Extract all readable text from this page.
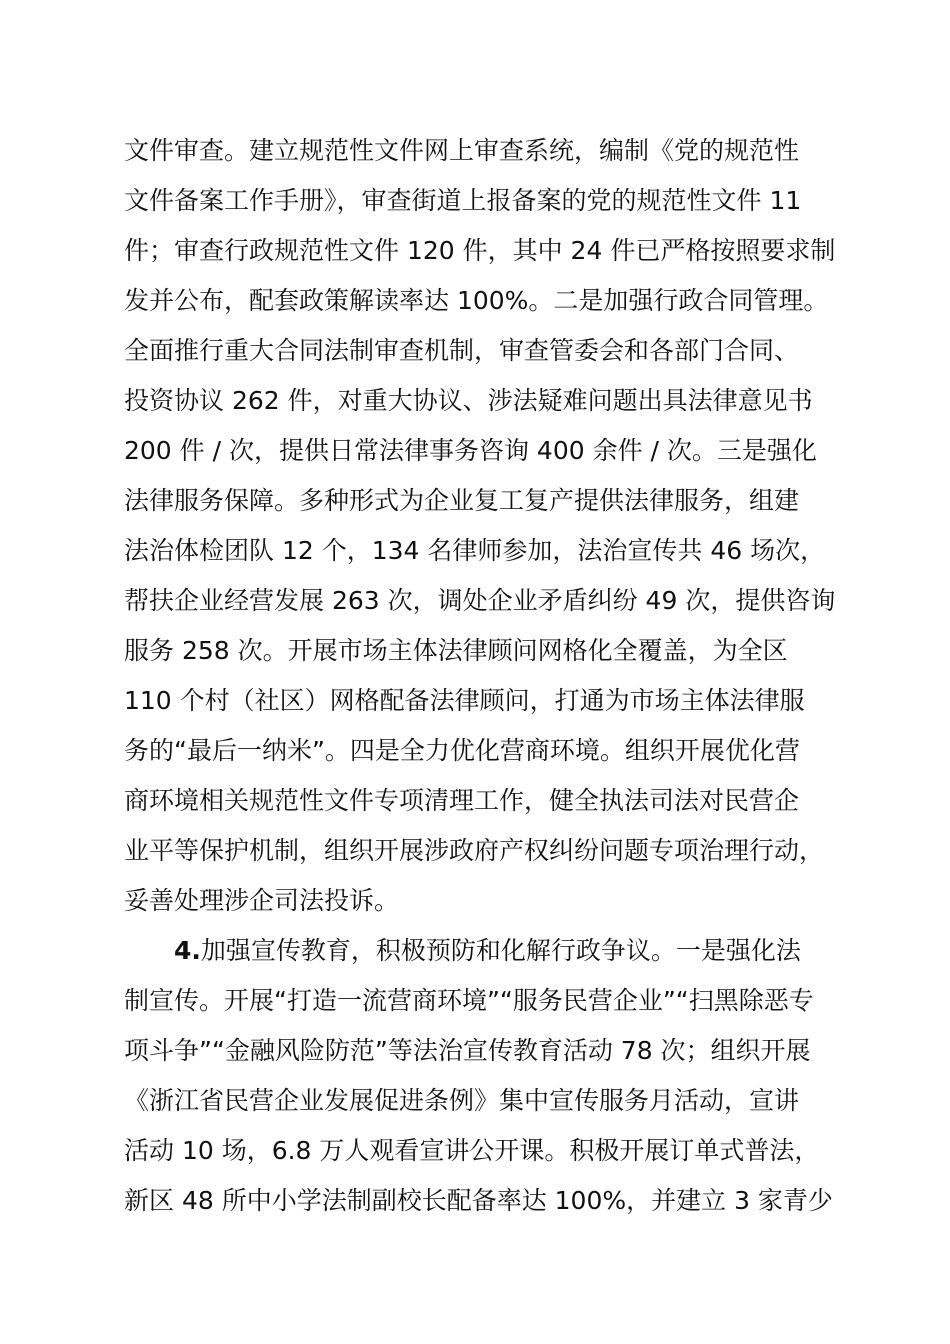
文件审查。建立规范性文件网上审查系统，编制《党的规范性
文件备案工作手册》，审查街道上报备案的党的规范性文件 11
件；审查行政规范性文件 120 件，其中 24 件已严格按照要求制
发并公布，配套政策解读率达 100%。二是加强行政合同管理。
全面推行重大合同法制审查机制，审查管委会和各部门合同、
投资协议 262 件，对重大协议、涉法疑难问题出具法律意见书
200 件 / 次，提供日常法律事务咨询 400 余件 / 次。三是强化
法律服务保障。多种形式为企业复工复产提供法律服务，组建
法治体检团队 12 个，134 名律师参加，法治宣传共 46 场次，
帮扶企业经营发展 263 次，调处企业矛盾纠纷 49 次，提供咨询
服务 258 次。开展市场主体法律顾问网格化全覆盖，为全区
110 个村（社区）网格配备法律顾问，打通为市场主体法律服
务的“最后一纳米”。四是全力优化营商环境。组织开展优化营
商环境相关规范性文件专项清理工作，健全执法司法对民营企
业平等保护机制，组织开展涉政府产权纠纷问题专项治理行动，
妥善处理涉企司法投诉。
4.加强宣传教育，积极预防和化解行政争议。一是强化法
制宣传。开展“打造一流营商环境”“服务民营企业”“扫黑除恶专
项斗争”“金融风险防范”等法治宣传教育活动 78 次；组织开展
《浙江省民营企业发展促进条例》集中宣传服务月活动，宣讲
活动 10 场，6.8 万人观看宣讲公开课。积极开展订单式普法，
新区 48 所中小学法制副校长配备率达 100%，并建立 3 家青少
